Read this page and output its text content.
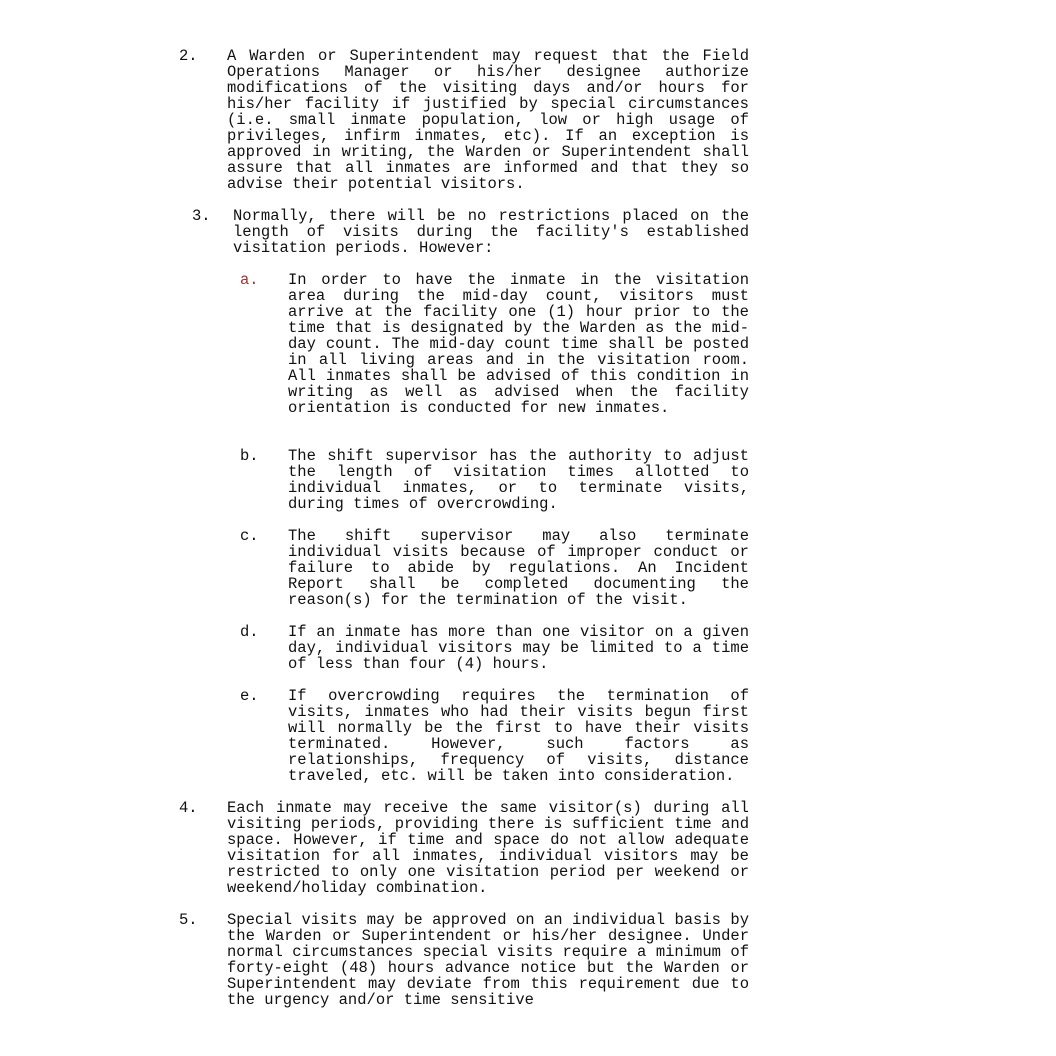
2. A Warden or Superintendent may request that the Field Operations Manager or his/her designee authorize modifications of the visiting days and/or hours for his/her facility if justified by special circumstances (i.e. small inmate population, low or high usage of privileges, infirm inmates, etc). If an exception is approved in writing, the Warden or Superintendent shall assure that all inmates are informed and that they so advise their potential visitors.
3. Normally, there will be no restrictions placed on the length of visits during the facility's established visitation periods. However:
a. In order to have the inmate in the visitation area during the mid-day count, visitors must arrive at the facility one (1) hour prior to the time that is designated by the Warden as the mid-day count. The mid-day count time shall be posted in all living areas and in the visitation room. All inmates shall be advised of this condition in writing as well as advised when the facility orientation is conducted for new inmates.
b. The shift supervisor has the authority to adjust the length of visitation times allotted to individual inmates, or to terminate visits, during times of overcrowding.
c. The shift supervisor may also terminate individual visits because of improper conduct or failure to abide by regulations. An Incident Report shall be completed documenting the reason(s) for the termination of the visit.
d. If an inmate has more than one visitor on a given day, individual visitors may be limited to a time of less than four (4) hours.
e. If overcrowding requires the termination of visits, inmates who had their visits begun first will normally be the first to have their visits terminated. However, such factors as relationships, frequency of visits, distance traveled, etc. will be taken into consideration.
4. Each inmate may receive the same visitor(s) during all visiting periods, providing there is sufficient time and space. However, if time and space do not allow adequate visitation for all inmates, individual visitors may be restricted to only one visitation period per weekend or weekend/holiday combination.
5. Special visits may be approved on an individual basis by the Warden or Superintendent or his/her designee. Under normal circumstances special visits require a minimum of forty-eight (48) hours advance notice but the Warden or Superintendent may deviate from this requirement due to the urgency and/or time sensitive
